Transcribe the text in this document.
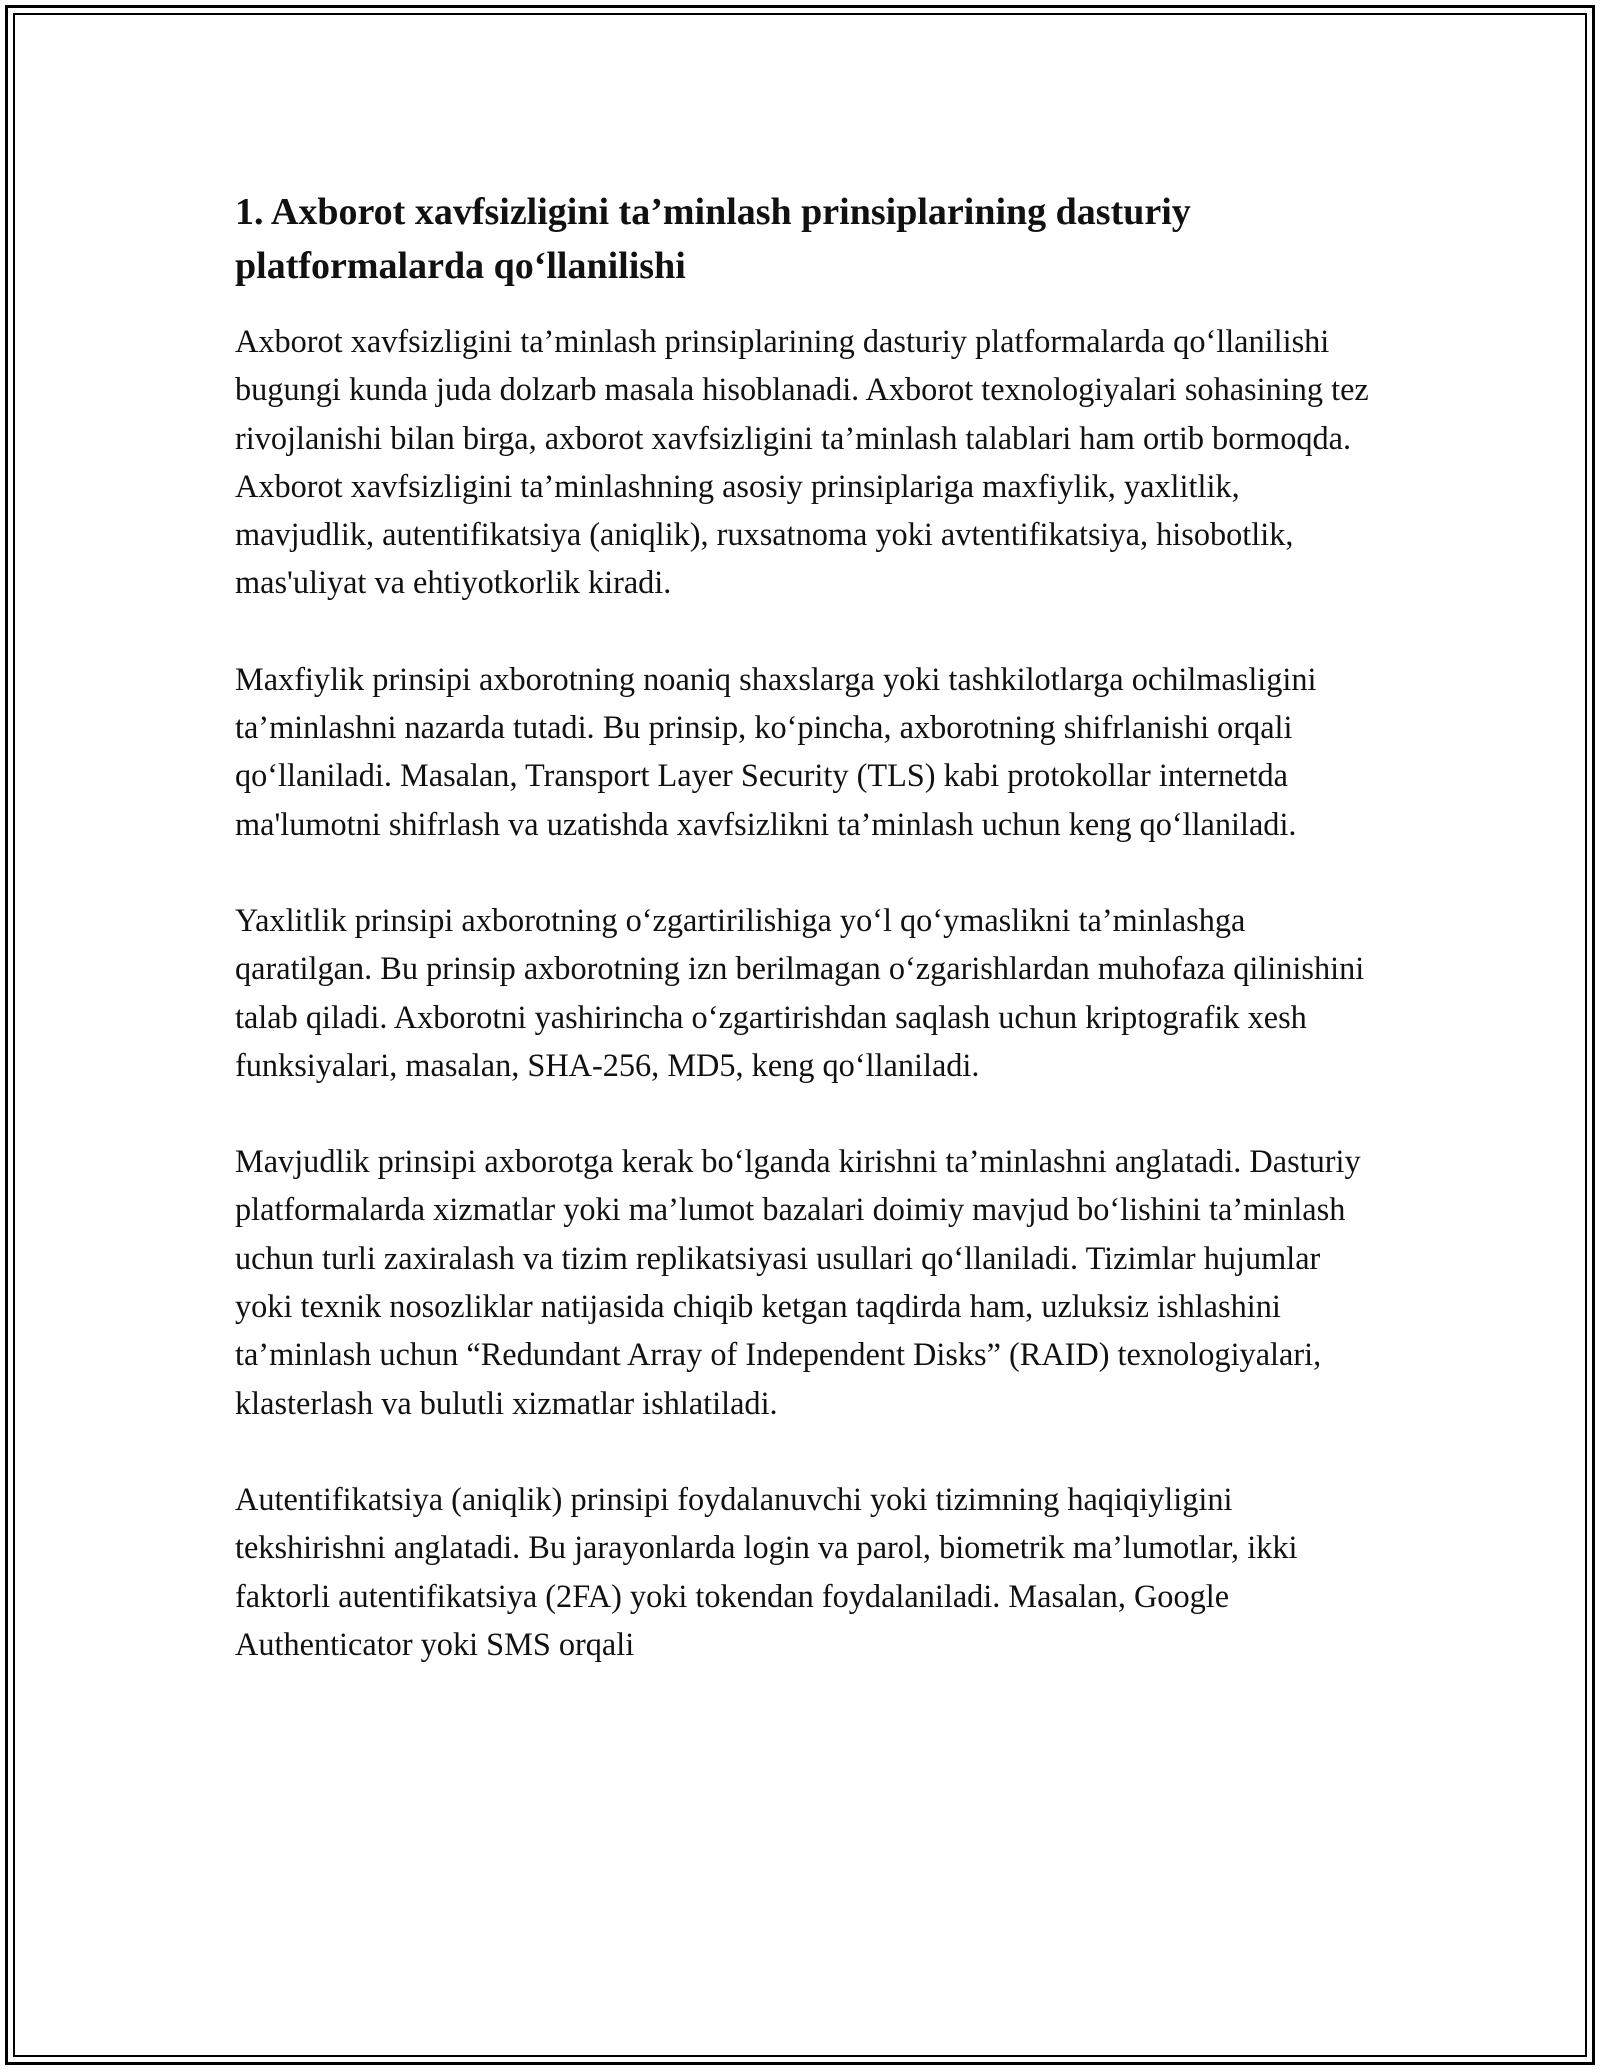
1. Axborot xavfsizligini ta’minlash prinsiplarining dasturiy platformalarda qo‘llanilishi

Axborot xavfsizligini ta’minlash prinsiplarining dasturiy platformalarda qo‘llanilishi bugungi kunda juda dolzarb masala hisoblanadi. Axborot texnologiyalari sohasining tez rivojlanishi bilan birga, axborot xavfsizligini ta’minlash talablari ham ortib bormoqda. Axborot xavfsizligini ta’minlashning asosiy prinsiplariga maxfiylik, yaxlitlik, mavjudlik, autentifikatsiya (aniqlik), ruxsatnoma yoki avtentifikatsiya, hisobotlik, mas'uliyat va ehtiyotkorlik kiradi.

Maxfiylik prinsipi axborotning noaniq shaxslarga yoki tashkilotlarga ochilmasligini ta’minlashni nazarda tutadi. Bu prinsip, ko‘pincha, axborotning shifrlanishi orqali qo‘llaniladi. Masalan, Transport Layer Security (TLS) kabi protokollar internetda ma'lumotni shifrlash va uzatishda xavfsizlikni ta’minlash uchun keng qo‘llaniladi.

Yaxlitlik prinsipi axborotning o‘zgartirilishiga yo‘l qo‘ymaslikni ta’minlashga qaratilgan. Bu prinsip axborotning izn berilmagan o‘zgarishlardan muhofaza qilinishini talab qiladi. Axborotni yashirincha o‘zgartirishdan saqlash uchun kriptografik xesh funksiyalari, masalan, SHA-256, MD5, keng qo‘llaniladi.

Mavjudlik prinsipi axborotga kerak bo‘lganda kirishni ta’minlashni anglatadi. Dasturiy platformalarda xizmatlar yoki ma’lumot bazalari doimiy mavjud bo‘lishini ta’minlash uchun turli zaxiralash va tizim replikatsiyasi usullari qo‘llaniladi. Tizimlar hujumlar yoki texnik nosozliklar natijasida chiqib ketgan taqdirda ham, uzluksiz ishlashini ta’minlash uchun “Redundant Array of Independent Disks” (RAID) texnologiyalari, klasterlash va bulutli xizmatlar ishlatiladi.

Autentifikatsiya (aniqlik) prinsipi foydalanuvchi yoki tizimning haqiqiyligini tekshirishni anglatadi. Bu jarayonlarda login va parol, biometrik ma’lumotlar, ikki faktorli autentifikatsiya (2FA) yoki tokendan foydalaniladi. Masalan, Google Authenticator yoki SMS orqali
